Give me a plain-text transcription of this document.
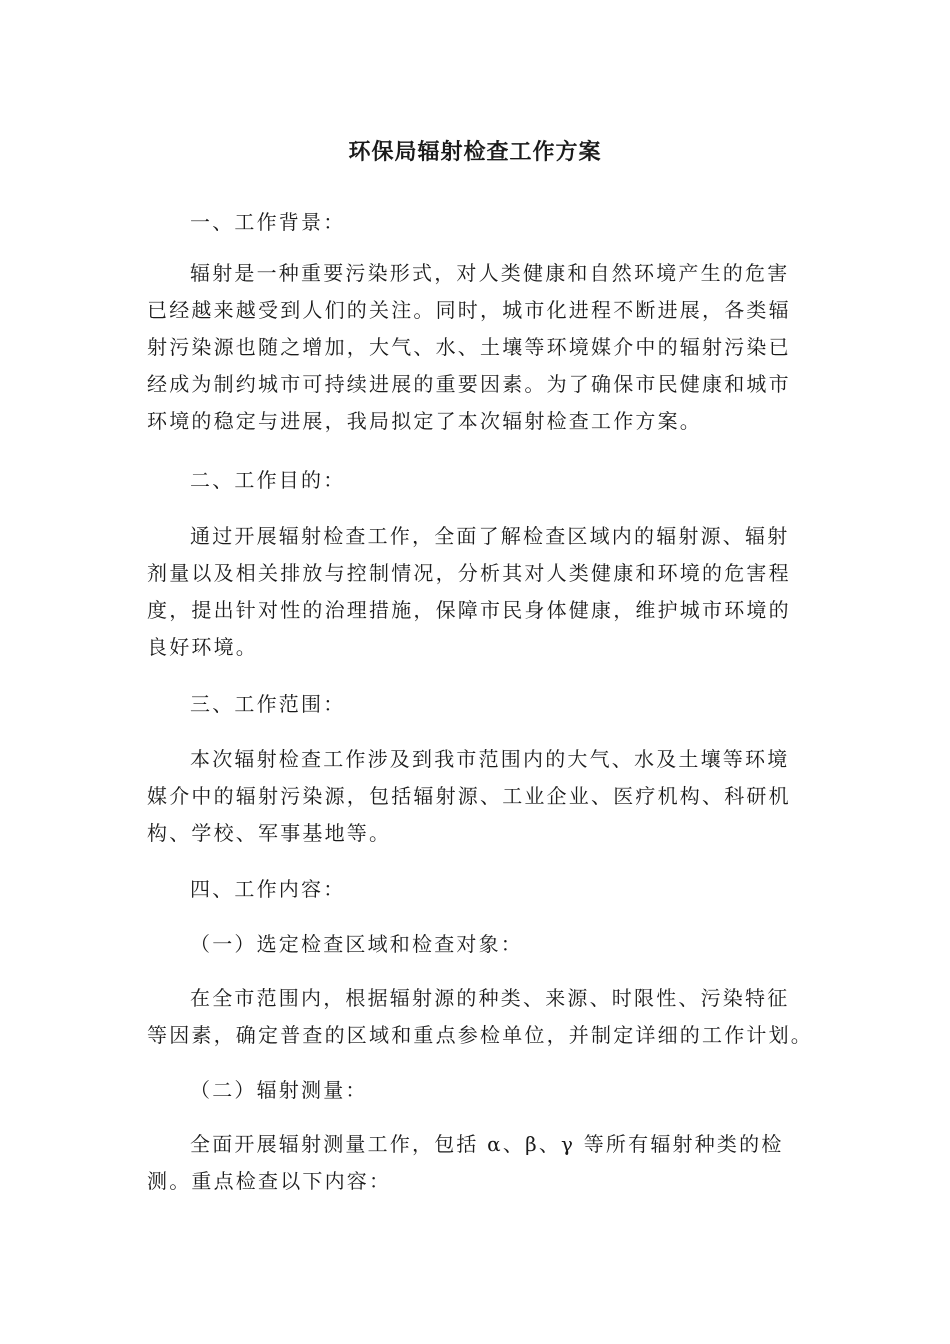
环保局辐射检查工作方案
一、工作背景：
辐射是一种重要污染形式，对人类健康和自然环境产生的危害
已经越来越受到人们的关注。同时，城市化进程不断进展，各类辐
射污染源也随之增加，大气、水、土壤等环境媒介中的辐射污染已
经成为制约城市可持续进展的重要因素。为了确保市民健康和城市
环境的稳定与进展，我局拟定了本次辐射检查工作方案。
二、工作目的：
通过开展辐射检查工作，全面了解检查区域内的辐射源、辐射
剂量以及相关排放与控制情况，分析其对人类健康和环境的危害程
度，提出针对性的治理措施，保障市民身体健康，维护城市环境的
良好环境。
三、工作范围：
本次辐射检查工作涉及到我市范围内的大气、水及土壤等环境
媒介中的辐射污染源，包括辐射源、工业企业、医疗机构、科研机
构、学校、军事基地等。
四、工作内容：
（一）选定检查区域和检查对象：
在全市范围内，根据辐射源的种类、来源、时限性、污染特征
等因素，确定普查的区域和重点参检单位，并制定详细的工作计划。
（二）辐射测量：
全面开展辐射测量工作，包括 α、β、γ 等所有辐射种类的检
测。重点检查以下内容：
